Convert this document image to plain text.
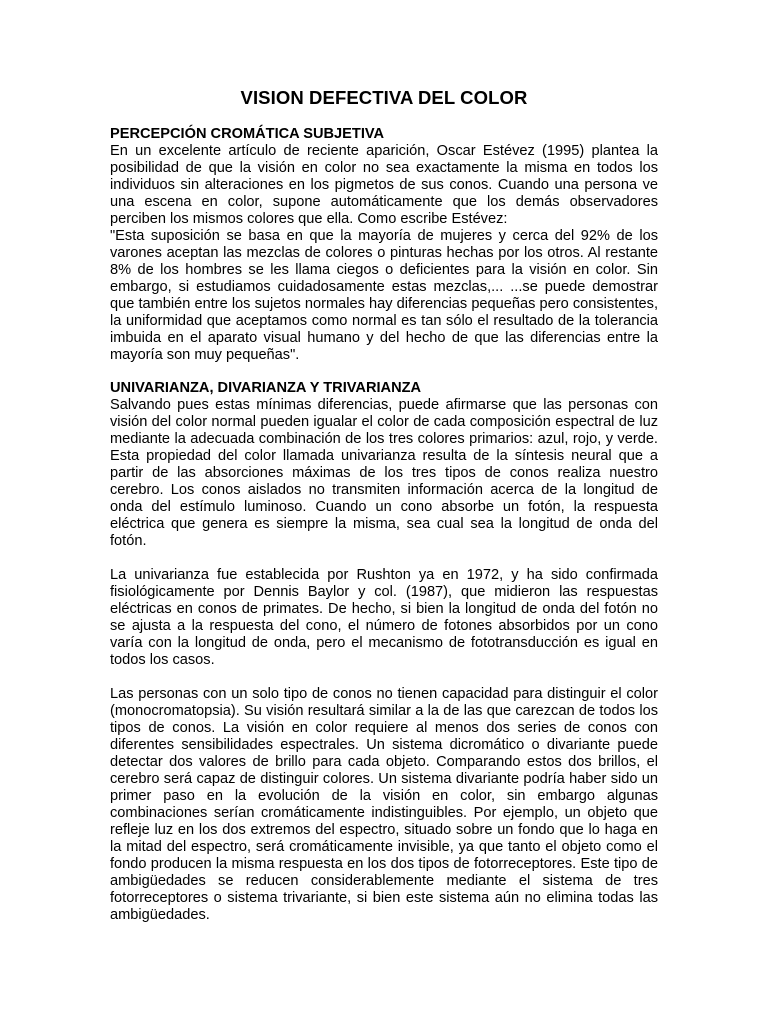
VISION DEFECTIVA DEL COLOR
PERCEPCIÓN CROMÁTICA SUBJETIVA

En un excelente artículo de reciente aparición, Oscar Estévez (1995) plantea la posibilidad de que la visión en color no sea exactamente la misma en todos los individuos sin alteraciones en los pigmetos de sus conos. Cuando una persona ve una escena en color, supone automáticamente que los demás observadores perciben los mismos colores que ella. Como escribe Estévez:

"Esta suposición se basa en que la mayoría de mujeres y cerca del 92% de los varones aceptan las mezclas de colores o pinturas hechas por los otros. Al restante 8% de los hombres se les llama ciegos o deficientes para la visión en color. Sin embargo, si estudiamos cuidadosamente estas mezclas,... ...se puede demostrar que también entre los sujetos normales hay diferencias pequeñas pero consistentes, la uniformidad que aceptamos como normal es tan sólo el resultado de la tolerancia imbuida en el aparato visual humano y del hecho de que las diferencias entre la mayoría son muy pequeñas".

UNIVARIANZA, DIVARIANZA Y TRIVARIANZA

Salvando pues estas mínimas diferencias, puede afirmarse que las personas con visión del color normal pueden igualar el color de cada composición espectral de luz mediante la adecuada combinación de los tres colores primarios: azul, rojo, y verde. Esta propiedad del color llamada univarianza resulta de la síntesis neural que a partir de las absorciones máximas de los tres tipos de conos realiza nuestro cerebro. Los conos aislados no transmiten información acerca de la longitud de onda del estímulo luminoso. Cuando un cono absorbe un fotón, la respuesta eléctrica que genera es siempre la misma, sea cual sea la longitud de onda del fotón.

La univarianza fue establecida por Rushton ya en 1972, y ha sido confirmada fisiológicamente por Dennis Baylor y col. (1987), que midieron las respuestas eléctricas en conos de primates. De hecho, si bien la longitud de onda del fotón no se ajusta a la respuesta del cono, el número de fotones absorbidos por un cono varía con la longitud de onda, pero el mecanismo de fototransducción es igual en todos los casos.

Las personas con un solo tipo de conos no tienen capacidad para distinguir el color (monocromatopsia). Su visión resultará similar a la de las que carezcan de todos los tipos de conos. La visión en color requiere al menos dos series de conos con diferentes sensibilidades espectrales. Un sistema dicromático o divariante puede detectar dos valores de brillo para cada objeto. Comparando estos dos brillos, el cerebro será capaz de distinguir colores. Un sistema divariante podría haber sido un primer paso en la evolución de la visión en color, sin embargo algunas combinaciones serían cromáticamente indistinguibles. Por ejemplo, un objeto que refleje luz en los dos extremos del espectro, situado sobre un fondo que lo haga en la mitad del espectro, será cromáticamente invisible, ya que tanto el objeto como el fondo producen la misma respuesta en los dos tipos de fotorreceptores. Este tipo de ambigüedades se reducen considerablemente mediante el sistema de tres fotorreceptores o sistema trivariante, si bien este sistema aún no elimina todas las ambigüedades.
